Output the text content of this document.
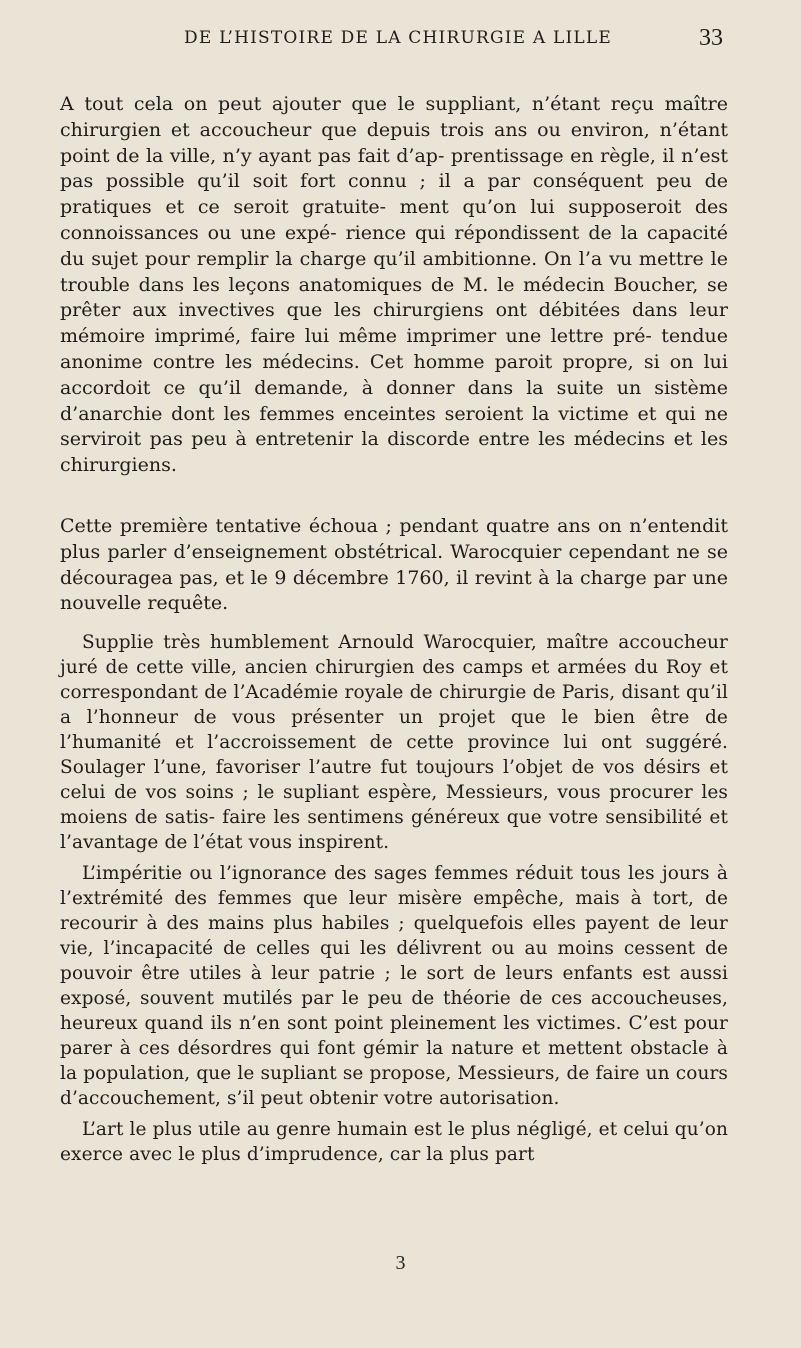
DE L’HISTOIRE DE LA CHIRURGIE A LILLE	33

A tout cela on peut ajouter que le suppliant, n’étant reçu maître chirurgien et accoucheur que depuis trois ans ou environ, n’étant point de la ville, n’y ayant pas fait d’ap- prentissage en règle, il n’est pas possible qu’il soit fort connu ; il a par conséquent peu de pratiques et ce seroit gratuite- ment qu’on lui supposeroit des connoissances ou une expé- rience qui répondissent de la capacité du sujet pour remplir la charge qu’il ambitionne. On l’a vu mettre le trouble dans les leçons anatomiques de M. le médecin Boucher, se prêter aux invectives que les chirurgiens ont débitées dans leur mémoire imprimé, faire lui même imprimer une lettre pré- tendue anonime contre les médecins. Cet homme paroit propre, si on lui accordoit ce qu’il demande, à donner dans la suite un sistème d’anarchie dont les femmes enceintes seroient la victime et qui ne serviroit pas peu à entretenir la discorde entre les médecins et les chirurgiens.

Cette première tentative échoua ; pendant quatre ans on n’entendit plus parler d’enseignement obstétrical. Warocquier cependant ne se découragea pas, et le 9 décembre 1760, il revint à la charge par une nouvelle requête.

Supplie très humblement Arnould Warocquier, maître accoucheur juré de cette ville, ancien chirurgien des camps et armées du Roy et correspondant de l’Académie royale de chirurgie de Paris, disant qu’il a l’honneur de vous présenter un projet que le bien être de l’humanité et l’accroissement de cette province lui ont suggéré. Soulager l’une, favoriser l’autre fut toujours l’objet de vos désirs et celui de vos soins ; le supliant espère, Messieurs, vous procurer les moiens de satis- faire les sentimens généreux que votre sensibilité et l’avantage de l’état vous inspirent.

L’impéritie ou l’ignorance des sages femmes réduit tous les jours à l’extrémité des femmes que leur misère empêche, mais à tort, de recourir à des mains plus habiles ; quelquefois elles payent de leur vie, l’incapacité de celles qui les délivrent ou au moins cessent de pouvoir être utiles à leur patrie ; le sort de leurs enfants est aussi exposé, souvent mutilés par le peu de théorie de ces accoucheuses, heureux quand ils n’en sont point pleinement les victimes. C’est pour parer à ces désordres qui font gémir la nature et mettent obstacle à la population, que le supliant se propose, Messieurs, de faire un cours d’accouchement, s’il peut obtenir votre autorisation.

L’art le plus utile au genre humain est le plus négligé, et celui qu’on exerce avec le plus d’imprudence, car la plus part

3
